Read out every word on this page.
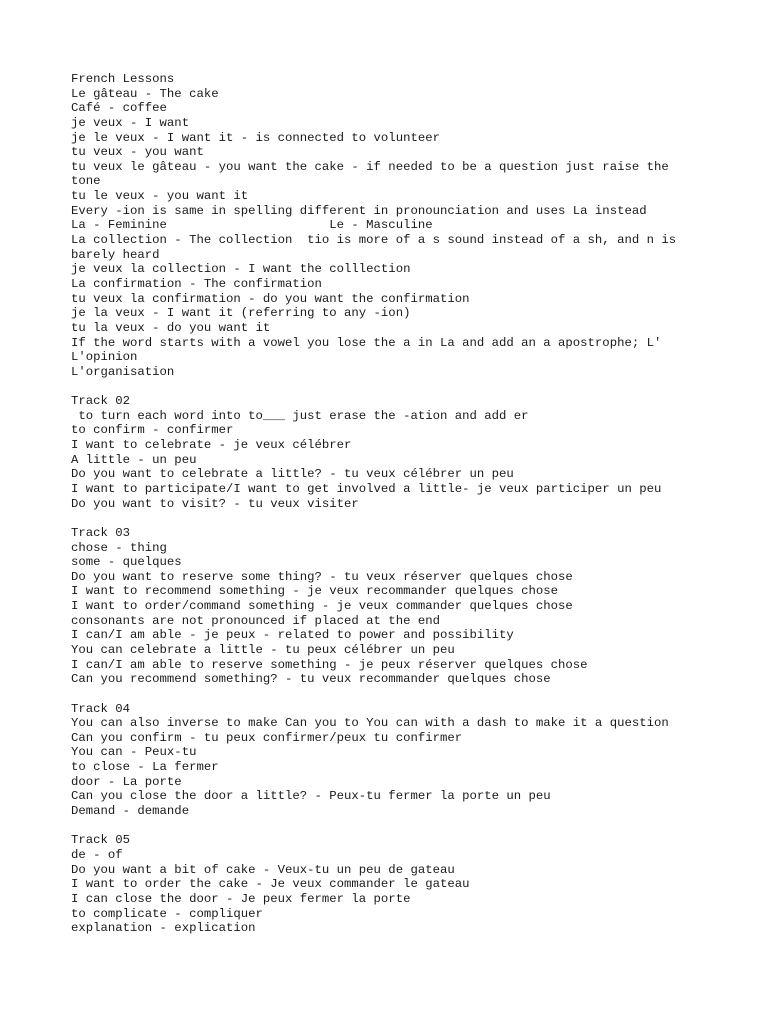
French Lessons
Le gâteau - The cake
Café - coffee
je veux - I want
je le veux - I want it - is connected to volunteer
tu veux - you want
tu veux le gâteau - you want the cake - if needed to be a question just raise the
tone
tu le veux - you want it
Every -ion is same in spelling different in pronounciation and uses La instead
La - Feminine                      Le - Masculine
La collection - The collection  tio is more of a s sound instead of a sh, and n is
barely heard
je veux la collection - I want the colllection
La confirmation - The confirmation
tu veux la confirmation - do you want the confirmation
je la veux - I want it (referring to any -ion)
tu la veux - do you want it
If the word starts with a vowel you lose the a in La and add an a apostrophe; L'
L'opinion
L'organisation
Track 02
to turn each word into to___ just erase the -ation and add er
to confirm - confirmer
I want to celebrate - je veux célébrer
A little - un peu
Do you want to celebrate a little? - tu veux célébrer un peu
I want to participate/I want to get involved a little- je veux participer un peu
Do you want to visit? - tu veux visiter
Track 03
chose - thing
some - quelques
Do you want to reserve some thing? - tu veux réserver quelques chose
I want to recommend something - je veux recommander quelques chose
I want to order/command something - je veux commander quelques chose
consonants are not pronounced if placed at the end
I can/I am able - je peux - related to power and possibility
You can celebrate a little - tu peux célébrer un peu
I can/I am able to reserve something - je peux réserver quelques chose
Can you recommend something? - tu veux recommander quelques chose
Track 04
You can also inverse to make Can you to You can with a dash to make it a question
Can you confirm - tu peux confirmer/peux tu confirmer
You can - Peux-tu
to close - La fermer
door - La porte
Can you close the door a little? - Peux-tu fermer la porte un peu
Demand - demande
Track 05
de - of
Do you want a bit of cake - Veux-tu un peu de gateau
I want to order the cake - Je veux commander le gateau
I can close the door - Je peux fermer la porte
to complicate - compliquer
explanation - explication
